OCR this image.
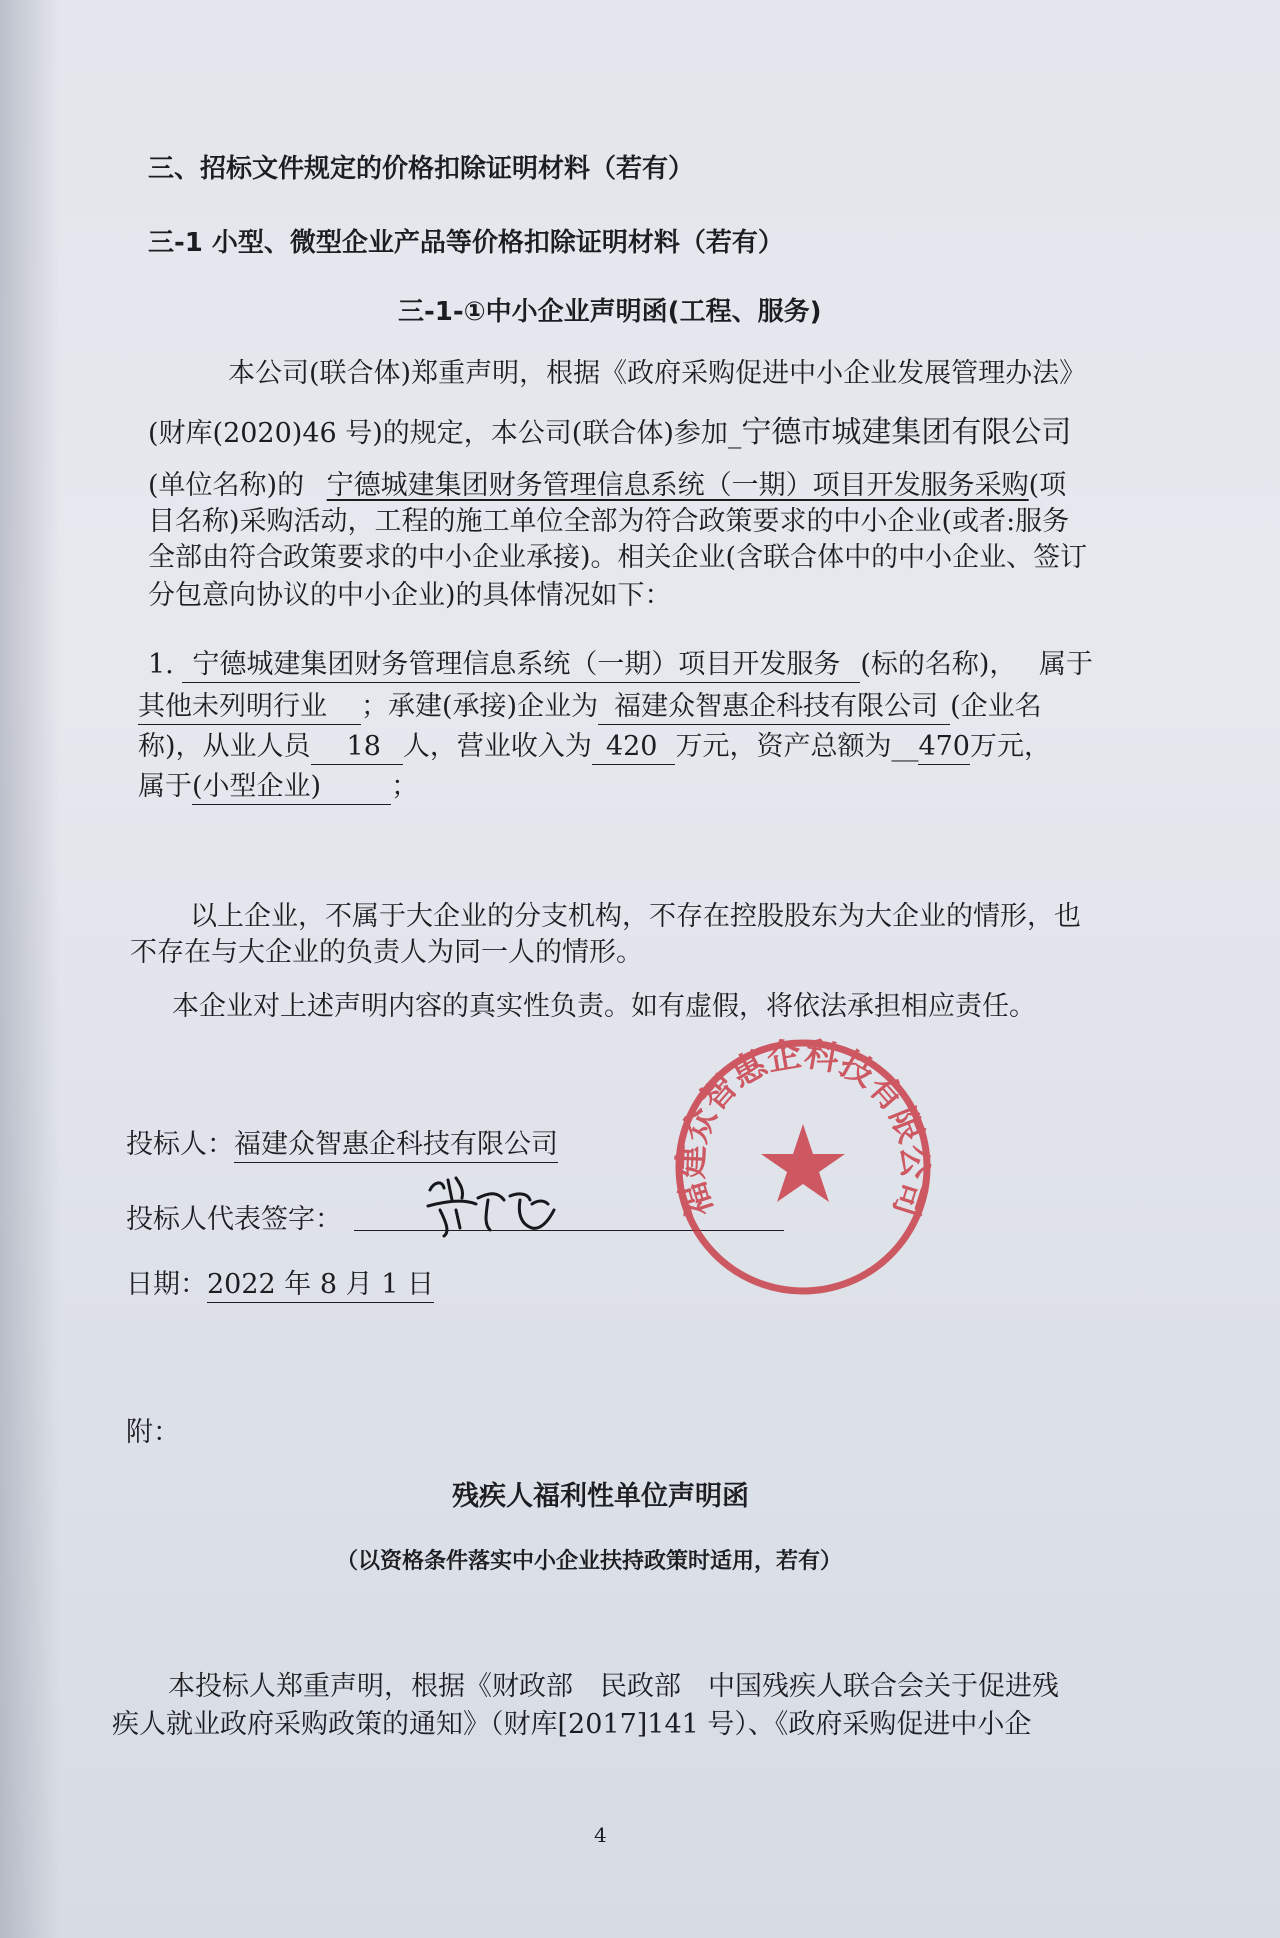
三、招标文件规定的价格扣除证明材料（若有）
三-1 小型、微型企业产品等价格扣除证明材料（若有）
三-1-①中小企业声明函(工程、服务)
本公司(联合体)郑重声明，根据《政府采购促进中小企业发展管理办法》
(财库(2020)46 号)的规定，本公司(联合体)参加_宁德市城建集团有限公司
(单位名称)的 宁德城建集团财务管理信息系统（一期）项目开发服务采购(项
目名称)采购活动，工程的施工单位全部为符合政策要求的中小企业(或者:服务
全部由符合政策要求的中小企业承接)。相关企业(含联合体中的中小企业、签订
分包意向协议的中小企业)的具体情况如下：
1. 宁德城建集团财务管理信息系统（一期）项目开发服务 (标的名称)， 属于
其他未列明行业 ；承建(承接)企业为 福建众智惠企科技有限公司 (企业名
称)，从业人员 18 人，营业收入为 420 万元，资产总额为__470万元，
属于(小型企业)	；
以上企业，不属于大企业的分支机构，不存在控股股东为大企业的情形，也
不存在与大企业的负责人为同一人的情形。
本企业对上述声明内容的真实性负责。如有虚假，将依法承担相应责任。
投标人：福建众智惠企科技有限公司
投标人代表签字：
日期：2022 年 8 月 1 日
福建众智惠企科技有限公司
附：
残疾人福利性单位声明函
（以资格条件落实中小企业扶持政策时适用，若有）
本投标人郑重声明，根据《财政部　民政部　中国残疾人联合会关于促进残
疾人就业政府采购政策的通知》（财库[2017]141 号）、《政府采购促进中小企
4
